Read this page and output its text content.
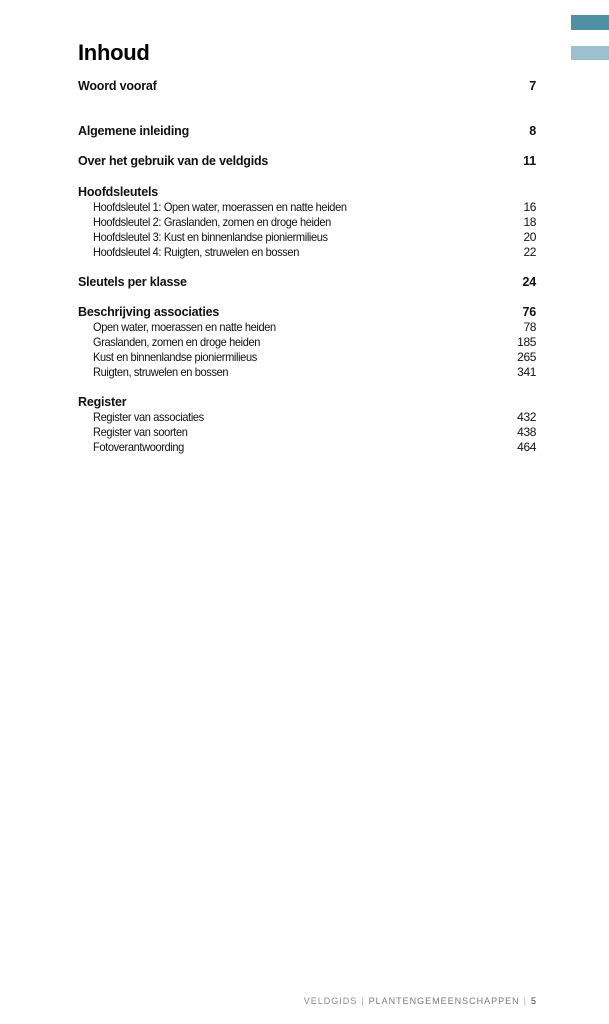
Inhoud
Woord vooraf	7
Algemene inleiding	8
Over het gebruik van de veldgids	11
Hoofdsleutels
Hoofdsleutel 1: Open water, moerassen en natte heiden	16
Hoofdsleutel 2: Graslanden, zomen en droge heiden	18
Hoofdsleutel 3: Kust en binnenlandse pioniermilieus	20
Hoofdsleutel 4: Ruigten, struwelen en bossen	22
Sleutels per klasse	24
Beschrijving associaties	76
Open water, moerassen en natte heiden	78
Graslanden, zomen en droge heiden	185
Kust en binnenlandse pioniermilieus	265
Ruigten, struwelen en bossen	341
Register
Register van associaties	432
Register van soorten	438
Fotoverantwoording	464
VELDGIDS | PLANTENGEMEENSCHAPPEN | 5
